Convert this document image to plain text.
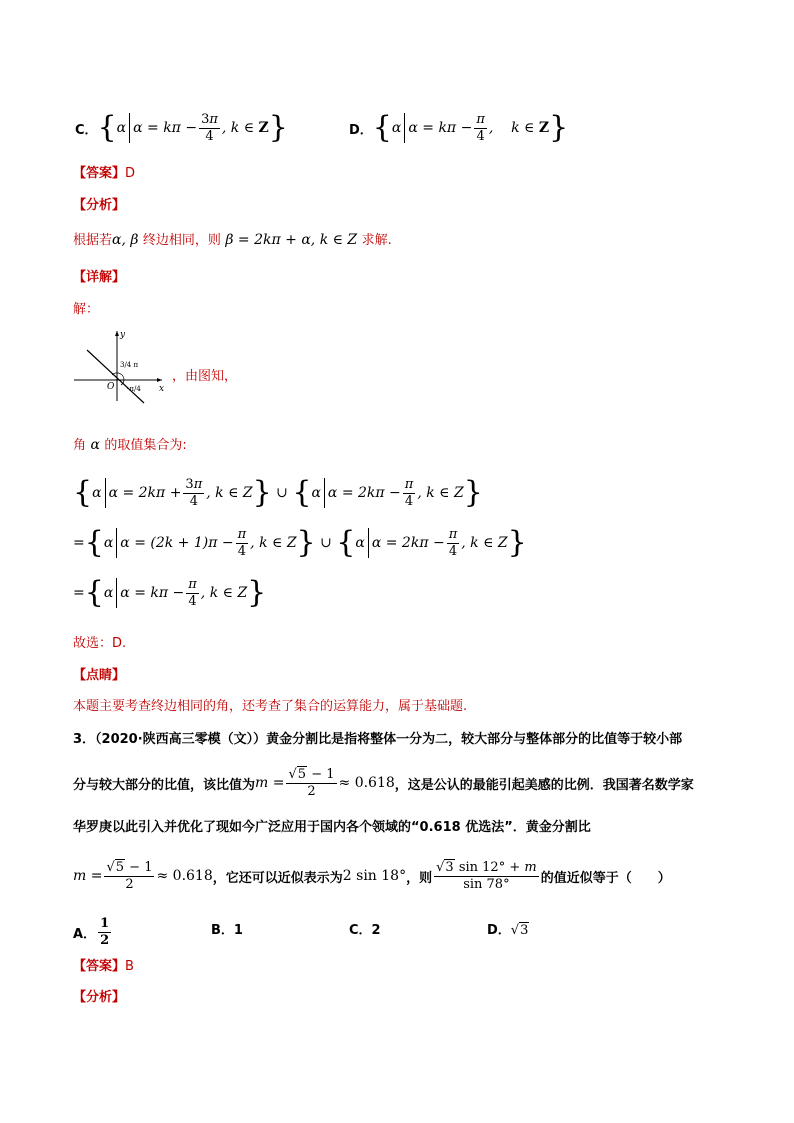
C． { α $\alpha = k\pi - \frac{3\pi}{4}$ , k ∈ Z }	D． { α $\alpha = k\pi - \frac{\pi}{4}$ ,    k ∈ Z }
【答案】D
【分析】
根据若α, β 终边相同，则 β = 2kπ + α, k ∈ Z 求解.
【详解】
解：
y
x
O
3/4 π
-π/4
，由图知，
角 α 的取值集合为:
{ α $\alpha = 2k\pi + \frac{3\pi}{4}$ , k ∈ Z } ∪ { α $\alpha = 2k\pi - \frac{\pi}{4}$ , k ∈ Z }
= { α $\alpha = (2k + 1)\pi - \frac{\pi}{4}$ , k ∈ Z } ∪ { α $\alpha = 2k\pi - \frac{\pi}{4}$ , k ∈ Z }
= { α $\alpha = k\pi - \frac{\pi}{4}$ , k ∈ Z }
故选：D.
【点睛】
本题主要考查终边相同的角，还考查了集合的运算能力，属于基础题.
3．（2020·陕西高三零模（文））黄金分割比是指将整体一分为二，较大部分与整体部分的比值等于较小部
分与较大部分的比值，该比值为 $m = \frac{√5 - 1}{2} \approx 0.618$ ，这是公认的最能引起美感的比例．我国著名数学家
华罗庚以此引入并优化了现如今广泛应用于国内各个领域的“0.618 优选法”．黄金分割比
$m = \frac{√5 - 1}{2} \approx 0.618$ ，它还可以近似表示为 2 sin 18° ，则 $\frac{√3 \sin 12^\circ + m}{\sin 78^\circ}$ 的值近似等于（　　）
A． $\frac{1}{2}$	B．1	C．2	D．√3
【答案】B
【分析】
